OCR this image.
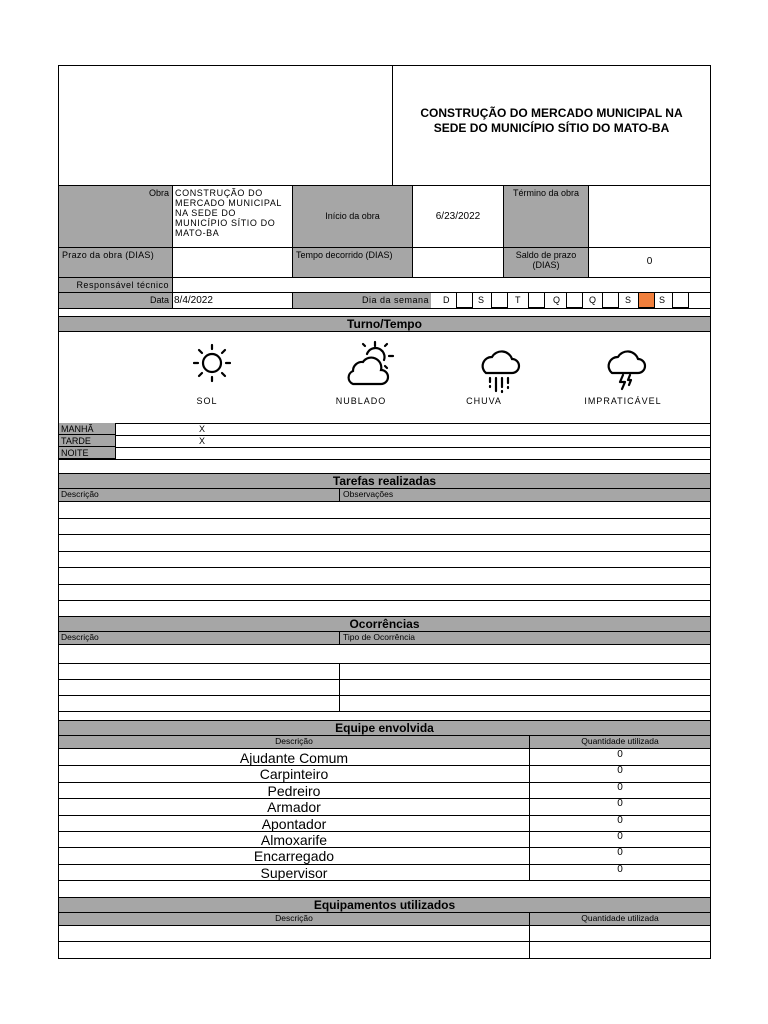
CONSTRUÇÃO DO MERCADO MUNICIPAL NA
SEDE DO MUNICÍPIO SÍTIO DO MATO-BA
Obra CONSTRUÇÃO DO MERCADO MUNICIPAL NA SEDE DO MUNICÍPIO SÍTIO DO MATO-BA
Início da obra	6/23/2022
Término da obra
Prazo da obra (DIAS)	Tempo decorrido (DIAS)	Saldo de prazo (DIAS)	0
Responsável técnico
Data 8/4/2022	Dia da semana D	S	T	Q	Q	S	S
Turno/Tempo
SOL	NUBLADO	CHUVA	IMPRATICÁVEL
MANHÃ	X
TARDE	X
NOITE
Tarefas realizadas
Descrição	Observações
Ocorrências
Descrição	Tipo de Ocorrência
Equipe envolvida
Descrição	Quantidade utilizada
Ajudante Comum	0
Carpinteiro	0
Pedreiro	0
Armador	0
Apontador	0
Almoxarife	0
Encarregado	0
Supervisor	0
Equipamentos utilizados
Descrição	Quantidade utilizada
